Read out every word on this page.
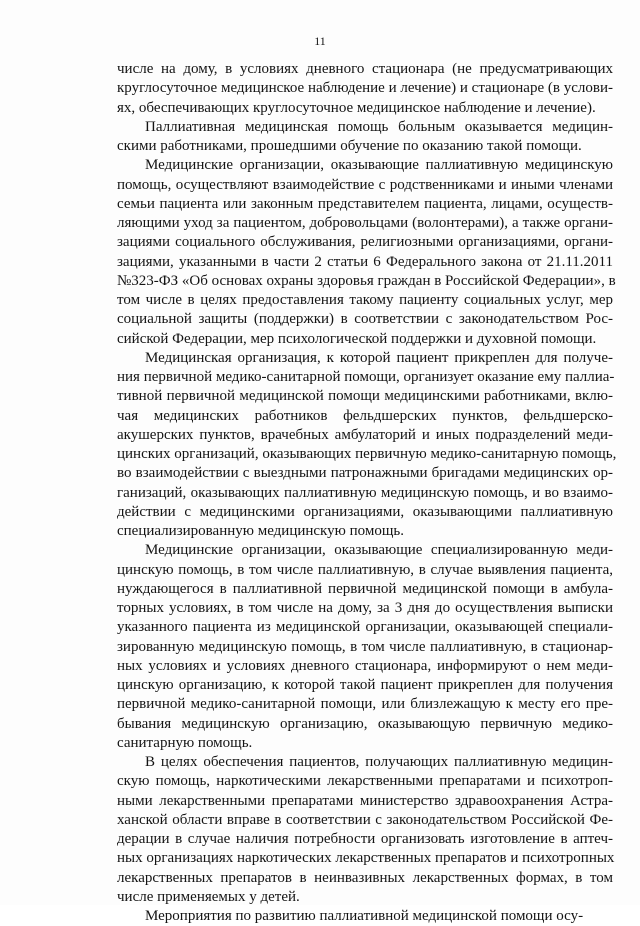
11
числе на дому, в условиях дневного стационара (не предусматривающих
круглосуточное медицинское наблюдение и лечение) и стационаре (в услови-
ях, обеспечивающих круглосуточное медицинское наблюдение и лечение).
Паллиативная медицинская помощь больным оказывается медицин-
скими работниками, прошедшими обучение по оказанию такой помощи.
Медицинские организации, оказывающие паллиативную медицинскую
помощь, осуществляют взаимодействие с родственниками и иными членами
семьи пациента или законным представителем пациента, лицами, осуществ-
ляющими уход за пациентом, добровольцами (волонтерами), а также органи-
зациями социального обслуживания, религиозными организациями, органи-
зациями, указанными в части 2 статьи 6 Федерального закона от 21.11.2011
№323-ФЗ «Об основах охраны здоровья граждан в Российской Федерации», в
том числе в целях предоставления такому пациенту социальных услуг, мер
социальной защиты (поддержки) в соответствии с законодательством Рос-
сийской Федерации, мер психологической поддержки и духовной помощи.
Медицинская организация, к которой пациент прикреплен для получе-
ния первичной медико-санитарной помощи, организует оказание ему паллиа-
тивной первичной медицинской помощи медицинскими работниками, вклю-
чая медицинских работников фельдшерских пунктов, фельдшерско-
акушерских пунктов, врачебных амбулаторий и иных подразделений меди-
цинских организаций, оказывающих первичную медико-санитарную помощь,
во взаимодействии с выездными патронажными бригадами медицинских ор-
ганизаций, оказывающих паллиативную медицинскую помощь, и во взаимо-
действии с медицинскими организациями, оказывающими паллиативную
специализированную медицинскую помощь.
Медицинские организации, оказывающие специализированную меди-
цинскую помощь, в том числе паллиативную, в случае выявления пациента,
нуждающегося в паллиативной первичной медицинской помощи в амбула-
торных условиях, в том числе на дому, за 3 дня до осуществления выписки
указанного пациента из медицинской организации, оказывающей специали-
зированную медицинскую помощь, в том числе паллиативную, в стационар-
ных условиях и условиях дневного стационара, информируют о нем меди-
цинскую организацию, к которой такой пациент прикреплен для получения
первичной медико-санитарной помощи, или близлежащую к месту его пре-
бывания медицинскую организацию, оказывающую первичную медико-
санитарную помощь.
В целях обеспечения пациентов, получающих паллиативную медицин-
скую помощь, наркотическими лекарственными препаратами и психотроп-
ными лекарственными препаратами министерство здравоохранения Астра-
ханской области вправе в соответствии с законодательством Российской Фе-
дерации в случае наличия потребности организовать изготовление в аптеч-
ных организациях наркотических лекарственных препаратов и психотропных
лекарственных препаратов в неинвазивных лекарственных формах, в том
числе применяемых у детей.
Мероприятия по развитию паллиативной медицинской помощи осу-
